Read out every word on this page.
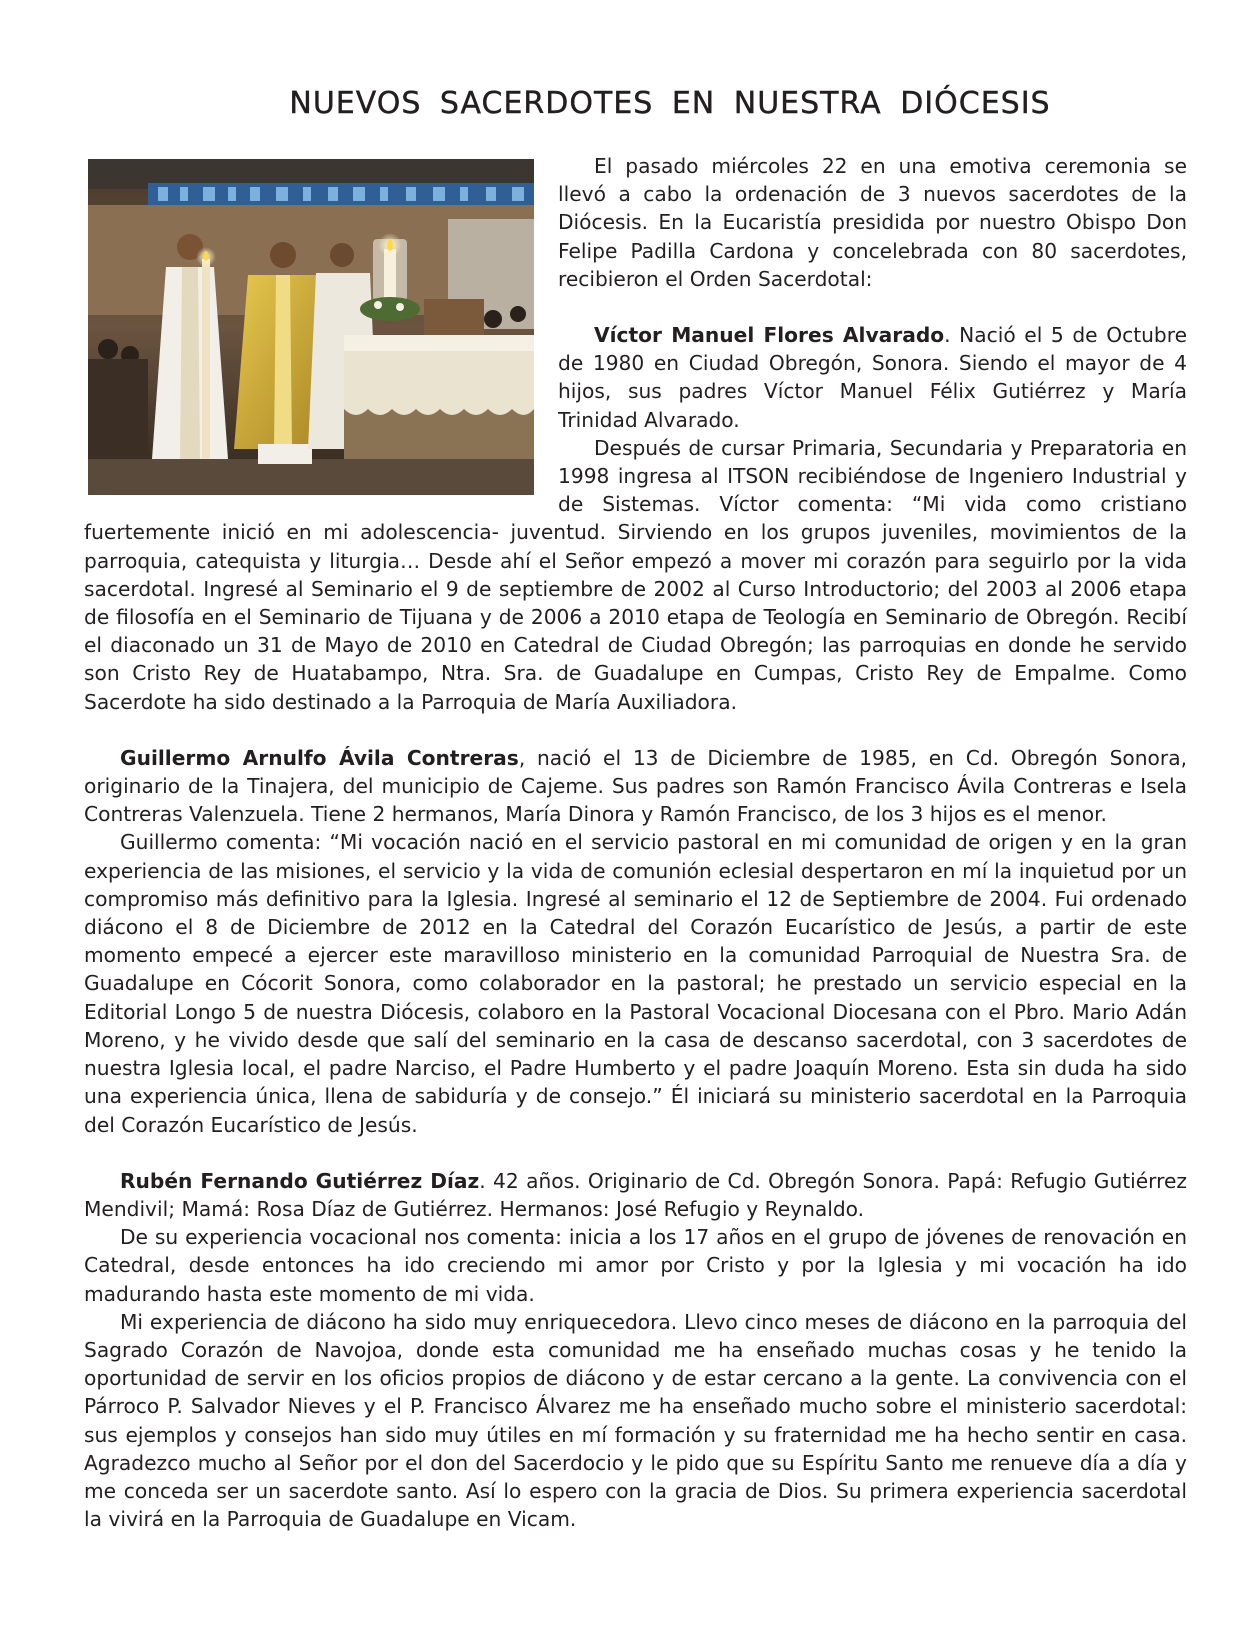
NUEVOS SACERDOTES EN NUESTRA DIÓCESIS

El pasado miércoles 22 en una emotiva ceremonia se llevó a cabo la ordenación de 3 nuevos sacerdotes de la Diócesis. En la Eucaristía presidida por nuestro Obispo Don Felipe Padilla Cardona y concelebrada con 80 sacerdotes, recibieron el Orden Sacerdotal:

Víctor Manuel Flores Alvarado. Nació el 5 de Octubre de 1980 en Ciudad Obregón, Sonora. Siendo el mayor de 4 hijos, sus padres Víctor Manuel Félix Gutiérrez y María Trinidad Alvarado.

Después de cursar Primaria, Secundaria y Preparatoria en 1998 ingresa al ITSON recibiéndose de Ingeniero Industrial y de Sistemas. Víctor comenta: “Mi vida como cristiano fuertemente inició en mi adolescencia- juventud. Sirviendo en los grupos juveniles, movimientos de la parroquia, catequista y liturgia… Desde ahí el Señor empezó a mover mi corazón para seguirlo por la vida sacerdotal. Ingresé al Seminario el 9 de septiembre de 2002 al Curso Introductorio; del 2003 al 2006 etapa de filosofía en el Seminario de Tijuana y de 2006 a 2010 etapa de Teología en Seminario de Obregón. Recibí el diaconado un 31 de Mayo de 2010 en Catedral de Ciudad Obregón; las parroquias en donde he servido son Cristo Rey de Huatabampo, Ntra. Sra. de Guadalupe en Cumpas, Cristo Rey de Empalme. Como Sacerdote ha sido destinado a la Parroquia de María Auxiliadora.

Guillermo Arnulfo Ávila Contreras, nació el 13 de Diciembre de 1985, en Cd. Obregón Sonora, originario de la Tinajera, del municipio de Cajeme. Sus padres son Ramón Francisco Ávila Contreras e Isela Contreras Valenzuela. Tiene 2 hermanos, María Dinora y Ramón Francisco, de los 3 hijos es el menor.

Guillermo comenta: “Mi vocación nació en el servicio pastoral en mi comunidad de origen y en la gran experiencia de las misiones, el servicio y la vida de comunión eclesial despertaron en mí la inquietud por un compromiso más definitivo para la Iglesia. Ingresé al seminario el 12 de Septiembre de 2004. Fui ordenado diácono el 8 de Diciembre de 2012 en la Catedral del Corazón Eucarístico de Jesús, a partir de este momento empecé a ejercer este maravilloso ministerio en la comunidad Parroquial de Nuestra Sra. de Guadalupe en Cócorit Sonora, como colaborador en la pastoral; he prestado un servicio especial en la Editorial Longo 5 de nuestra Diócesis, colaboro en la Pastoral Vocacional Diocesana con el Pbro. Mario Adán Moreno, y he vivido desde que salí del seminario en la casa de descanso sacerdotal, con 3 sacerdotes de nuestra Iglesia local, el padre Narciso, el Padre Humberto y el padre Joaquín Moreno. Esta sin duda ha sido una experiencia única, llena de sabiduría y de consejo.” Él iniciará su ministerio sacerdotal en la Parroquia del Corazón Eucarístico de Jesús.

Rubén Fernando Gutiérrez Díaz. 42 años. Originario de Cd. Obregón Sonora. Papá: Refugio Gutiérrez Mendivil; Mamá: Rosa Díaz de Gutiérrez. Hermanos: José Refugio y Reynaldo.

De su experiencia vocacional nos comenta: inicia a los 17 años en el grupo de jóvenes de renovación en Catedral, desde entonces ha ido creciendo mi amor por Cristo y por la Iglesia y mi vocación ha ido madurando hasta este momento de mi vida.

Mi experiencia de diácono ha sido muy enriquecedora. Llevo cinco meses de diácono en la parroquia del Sagrado Corazón de Navojoa, donde esta comunidad me ha enseñado muchas cosas y he tenido la oportunidad de servir en los oficios propios de diácono y de estar cercano a la gente. La convivencia con el Párroco P. Salvador Nieves y el P. Francisco Álvarez me ha enseñado mucho sobre el ministerio sacerdotal: sus ejemplos y consejos han sido muy útiles en mí formación y su fraternidad me ha hecho sentir en casa. Agradezco mucho al Señor por el don del Sacerdocio y le pido que su Espíritu Santo me renueve día a día y me conceda ser un sacerdote santo. Así lo espero con la gracia de Dios. Su primera experiencia sacerdotal la vivirá en la Parroquia de Guadalupe en Vicam.
